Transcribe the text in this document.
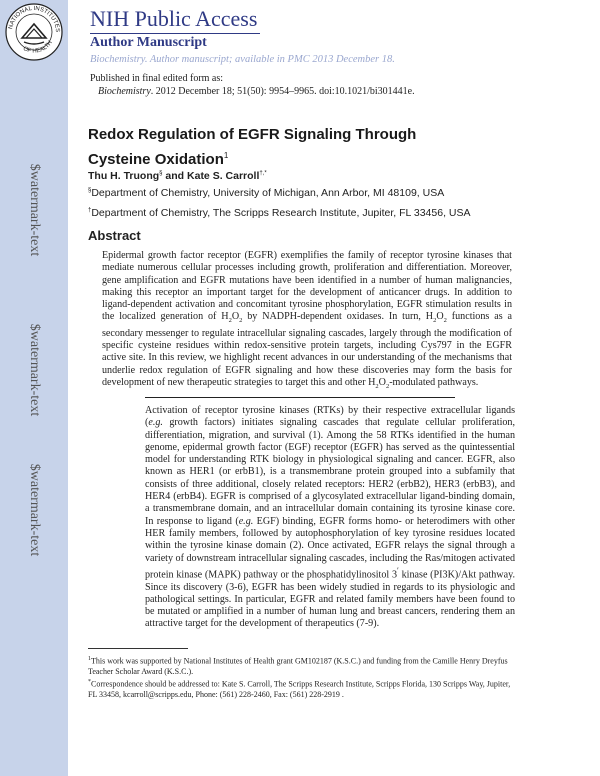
NATIONAL INSTITUTES
OF HEALTH
$watermark-text
$watermark-text
$watermark-text
NIH Public Access
Author Manuscript
Biochemistry. Author manuscript; available in PMC 2013 December 18.
Published in final edited form as:
Biochemistry. 2012 December 18; 51(50): 9954–9965. doi:10.1021/bi301441e.
Redox Regulation of EGFR Signaling Through Cysteine Oxidation$^1$
Thu H. Truong§ and Kate S. Carroll†,*
§Department of Chemistry, University of Michigan, Ann Arbor, MI 48109, USA
†Department of Chemistry, The Scripps Research Institute, Jupiter, FL 33456, USA
Abstract
Epidermal growth factor receptor (EGFR) exemplifies the family of receptor tyrosine kinases that mediate numerous cellular processes including growth, proliferation and differentiation. Moreover, gene amplification and EGFR mutations have been identified in a number of human malignancies, making this receptor an important target for the development of anticancer drugs. In addition to ligand-dependent activation and concomitant tyrosine phosphorylation, EGFR stimulation results in the localized generation of $H_2O_2$ by NADPH-dependent oxidases. In turn, $H_2O_2$ functions as a secondary messenger to regulate intracellular signaling cascades, largely through the modification of specific cysteine residues within redox-sensitive protein targets, including Cys797 in the EGFR active site. In this review, we highlight recent advances in our understanding of the mechanisms that underlie redox regulation of EGFR signaling and how these discoveries may form the basis for development of new therapeutic strategies to target this and other $H_2O_2$-modulated pathways.
Activation of receptor tyrosine kinases (RTKs) by their respective extracellular ligands (e.g. growth factors) initiates signaling cascades that regulate cellular proliferation, differentiation, migration, and survival (1). Among the 58 RTKs identified in the human genome, epidermal growth factor (EGF) receptor (EGFR) has served as the quintessential model for understanding RTK biology in physiological signaling and cancer. EGFR, also known as HER1 (or erbB1), is a transmembrane protein grouped into a subfamily that consists of three additional, closely related receptors: HER2 (erbB2), HER3 (erbB3), and HER4 (erbB4). EGFR is comprised of a glycosylated extracellular ligand-binding domain, a transmembrane domain, and an intracellular domain containing its tyrosine kinase core. In response to ligand (e.g. EGF) binding, EGFR forms homo- or heterodimers with other HER family members, followed by autophosphorylation of key tyrosine residues located within the tyrosine kinase domain (2). Once activated, EGFR relays the signal through a variety of downstream intracellular signaling cascades, including the Ras/mitogen activated protein kinase (MAPK) pathway or the phosphatidylinositol 3′ kinase (PI3K)/Akt pathway. Since its discovery (3-6), EGFR has been widely studied in regards to its physiologic and pathological settings. In particular, EGFR and related family members have been found to be mutated or amplified in a number of human lung and breast cancers, rendering them an attractive target for the development of therapeutics (7-9).
$^1$This work was supported by National Institutes of Health grant GM102187 (K.S.C.) and funding from the Camille Henry Dreyfus Teacher Scholar Award (K.S.C.).
*Correspondence should be addressed to: Kate S. Carroll, The Scripps Research Institute, Scripps Florida, 130 Scripps Way, Jupiter, FL 33458, kcarroll@scripps.edu, Phone: (561) 228-2460, Fax: (561) 228-2919 .
